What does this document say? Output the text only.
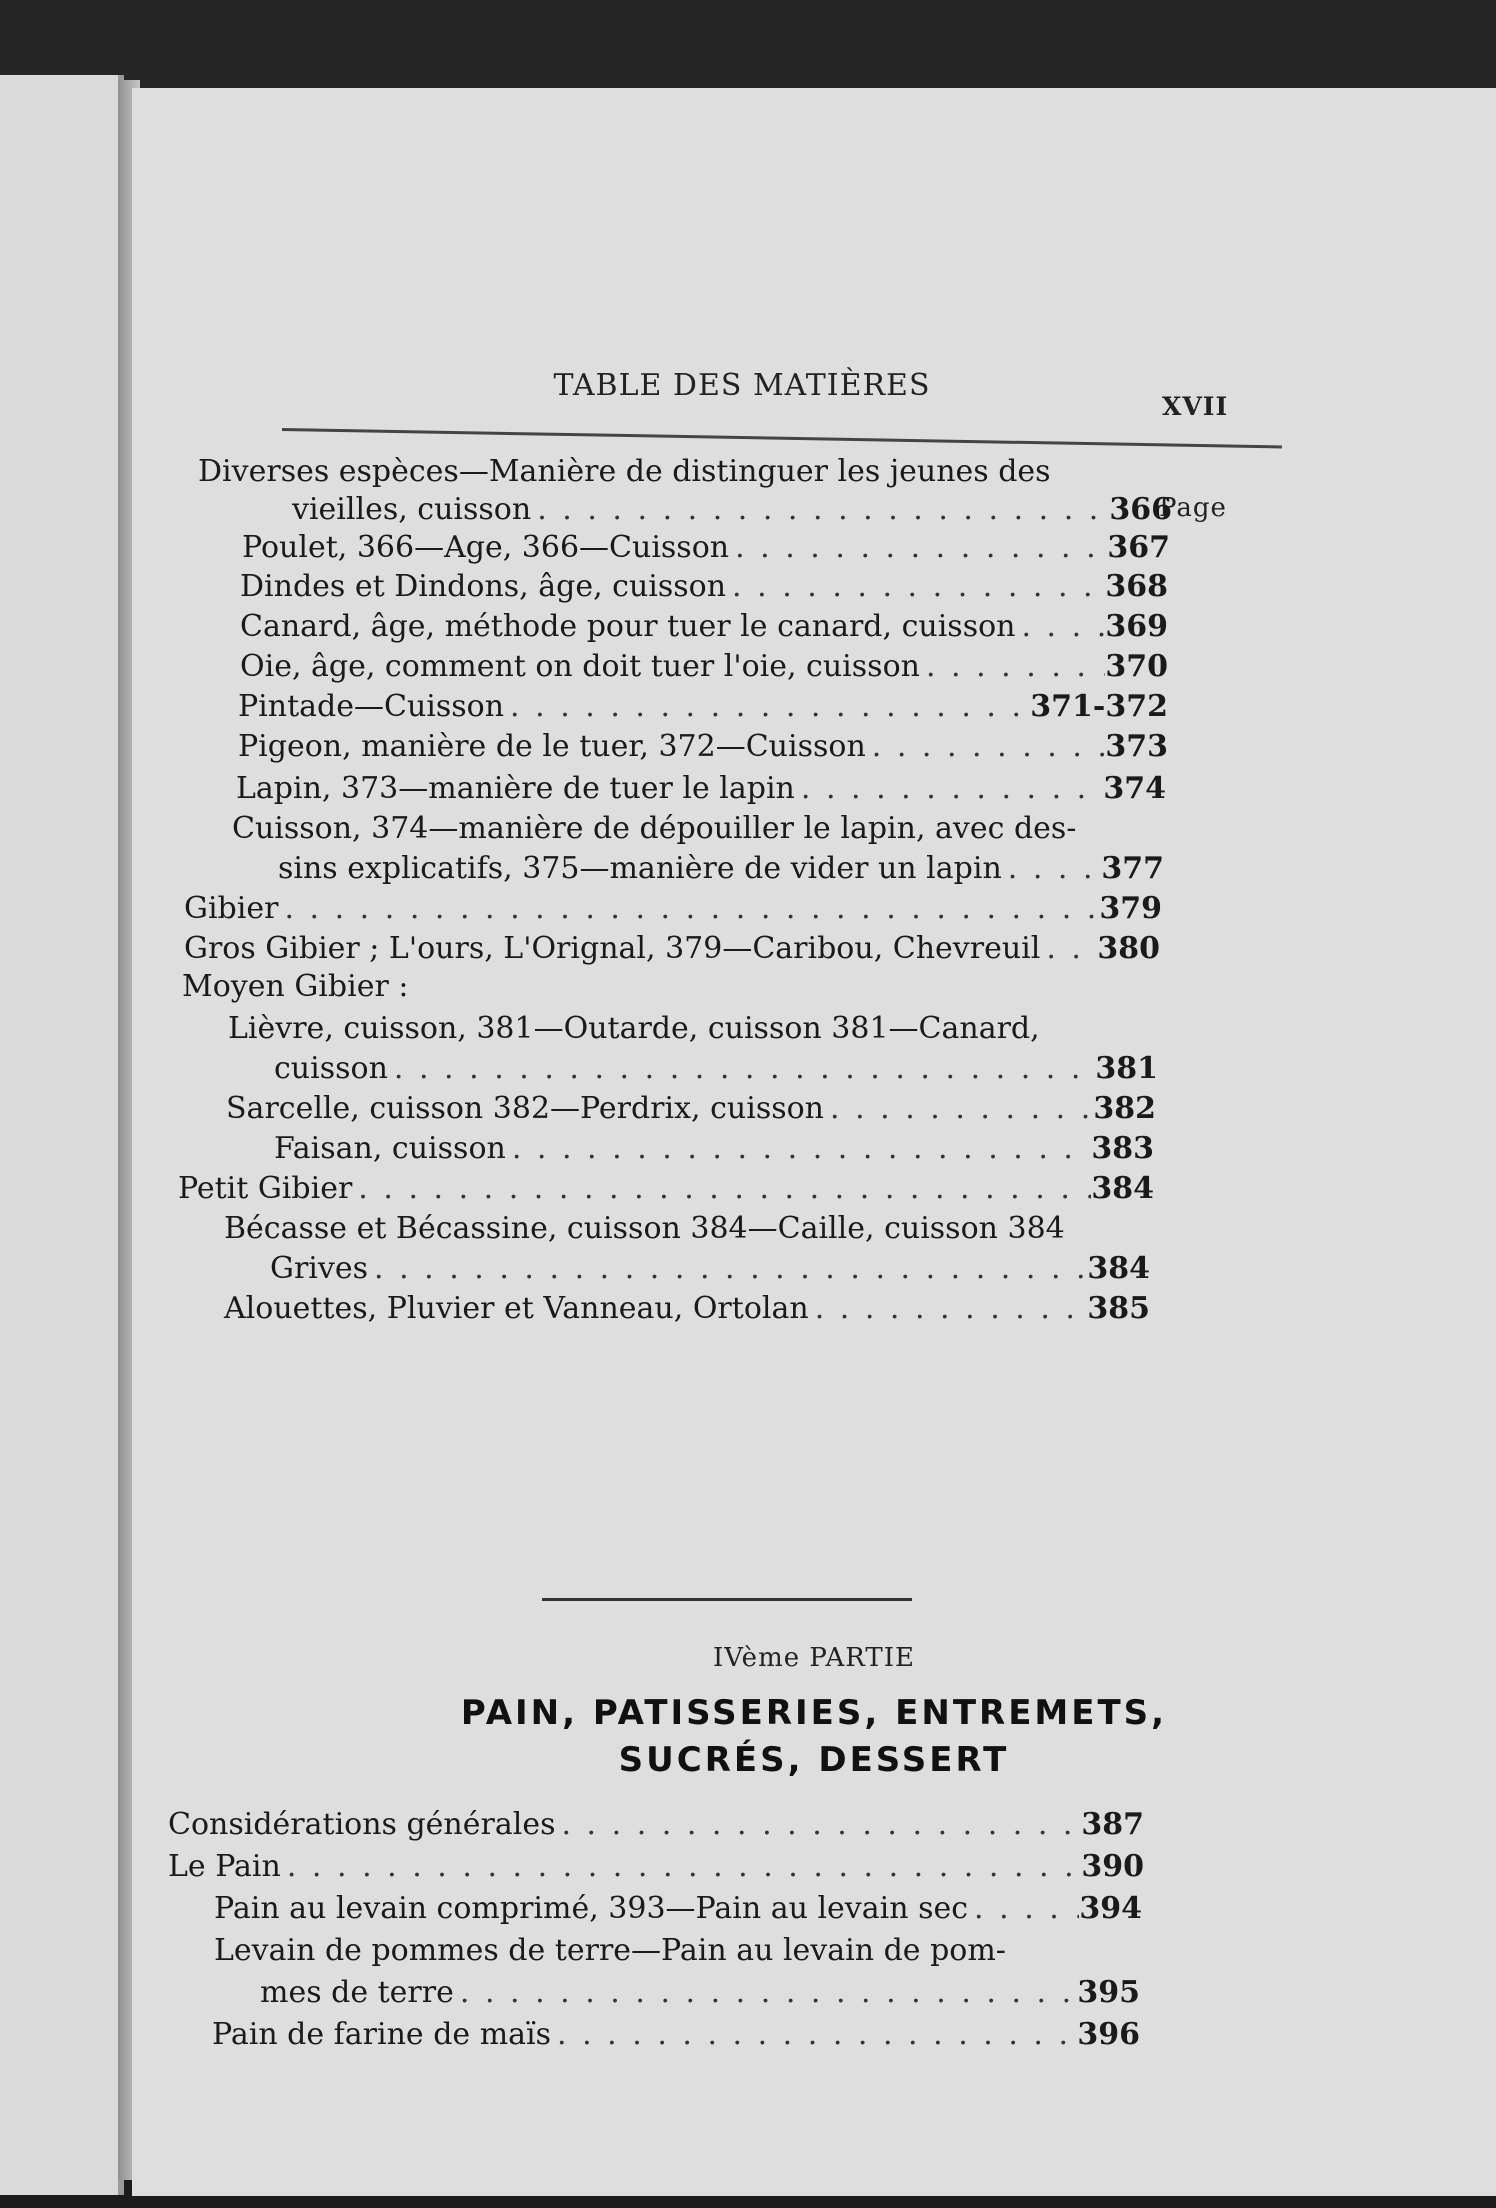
TABLE DES MATIÈRES
XVII
Page
Diverses espèces—Manière de distinguer les jeunes des
vieilles, cuisson . . .	366
Poulet, 366—Age, 366—Cuisson . . .	367
Dindes et Dindons, âge, cuisson . . .	368
Canard, âge, méthode pour tuer le canard, cuisson . . .	369
Oie, âge, comment on doit tuer l'oie, cuisson . . .	370
Pintade—Cuisson . . .	371-372
Pigeon, manière de le tuer, 372—Cuisson . . .	373
Lapin, 373—manière de tuer le lapin . . .	374
Cuisson, 374—manière de dépouiller le lapin, avec des-
sins explicatifs, 375—manière de vider un lapin . . .	377
Gibier . . .	379
Gros Gibier ; L'ours, L'Orignal, 379—Caribou, Chevreuil . . . 380
Moyen Gibier :
Lièvre, cuisson, 381—Outarde, cuisson 381—Canard,
cuisson . . .	381
Sarcelle, cuisson 382—Perdrix, cuisson . . .	382
Faisan, cuisson . . .	383
Petit Gibier . . .	384
Bécasse et Bécassine, cuisson 384—Caille, cuisson 384
Grives . . .	384
Alouettes, Pluvier et Vanneau, Ortolan . . .	385
IVème PARTIE
PAIN, PATISSERIES, ENTREMETS,
SUCRÉS, DESSERT
Considérations générales . . .	387
Le Pain . . .	390
Pain au levain comprimé, 393—Pain au levain sec . . .	394
Levain de pommes de terre—Pain au levain de pom-
mes de terre . . .	395
Pain de farine de maïs . . .	396
